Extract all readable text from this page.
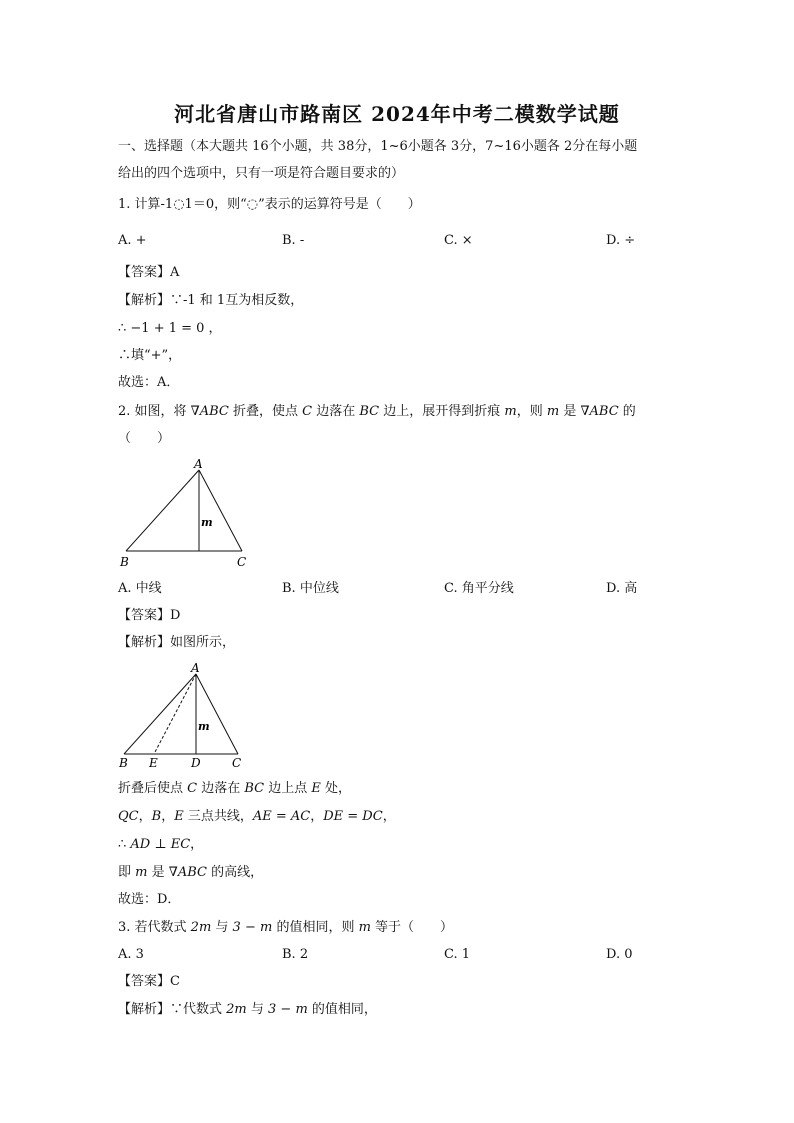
河北省唐山市路南区 2024年中考二模数学试题
一、选择题（本大题共 16个小题，共 38分，1~6小题各 3分，7~16小题各 2分在每小题
给出的四个选项中，只有一项是符合题目要求的）
1. 计算-1◌1＝0，则“◌”表示的运算符号是（　　）
A. +	B. -	C. ×	D. ÷
【答案】A
【解析】∵-1 和 1互为相反数，
∴ −1 + 1 = 0 ，
∴填“+”，
故选：A．
2. 如图，将 ∇ABC 折叠，使点 C 边落在 BC 边上，展开得到折痕 m，则 m 是 ∇ABC 的
（　　）
A
B	C
m
A. 中线	B. 中位线	C. 角平分线	D. 高
【答案】D
【解析】如图所示，
A
B E	D	C
m
折叠后使点 C 边落在 BC 边上点 E 处，
QC，B，E 三点共线，AE = AC，DE = DC，
∴ AD ⊥ EC，
即 m 是 ∇ABC 的高线，
故选：D．
3. 若代数式 2m 与 3 − m 的值相同，则 m 等于（　　）
A. 3	B. 2	C. 1	D. 0
【答案】C
【解析】∵代数式 2m 与 3 − m 的值相同，
